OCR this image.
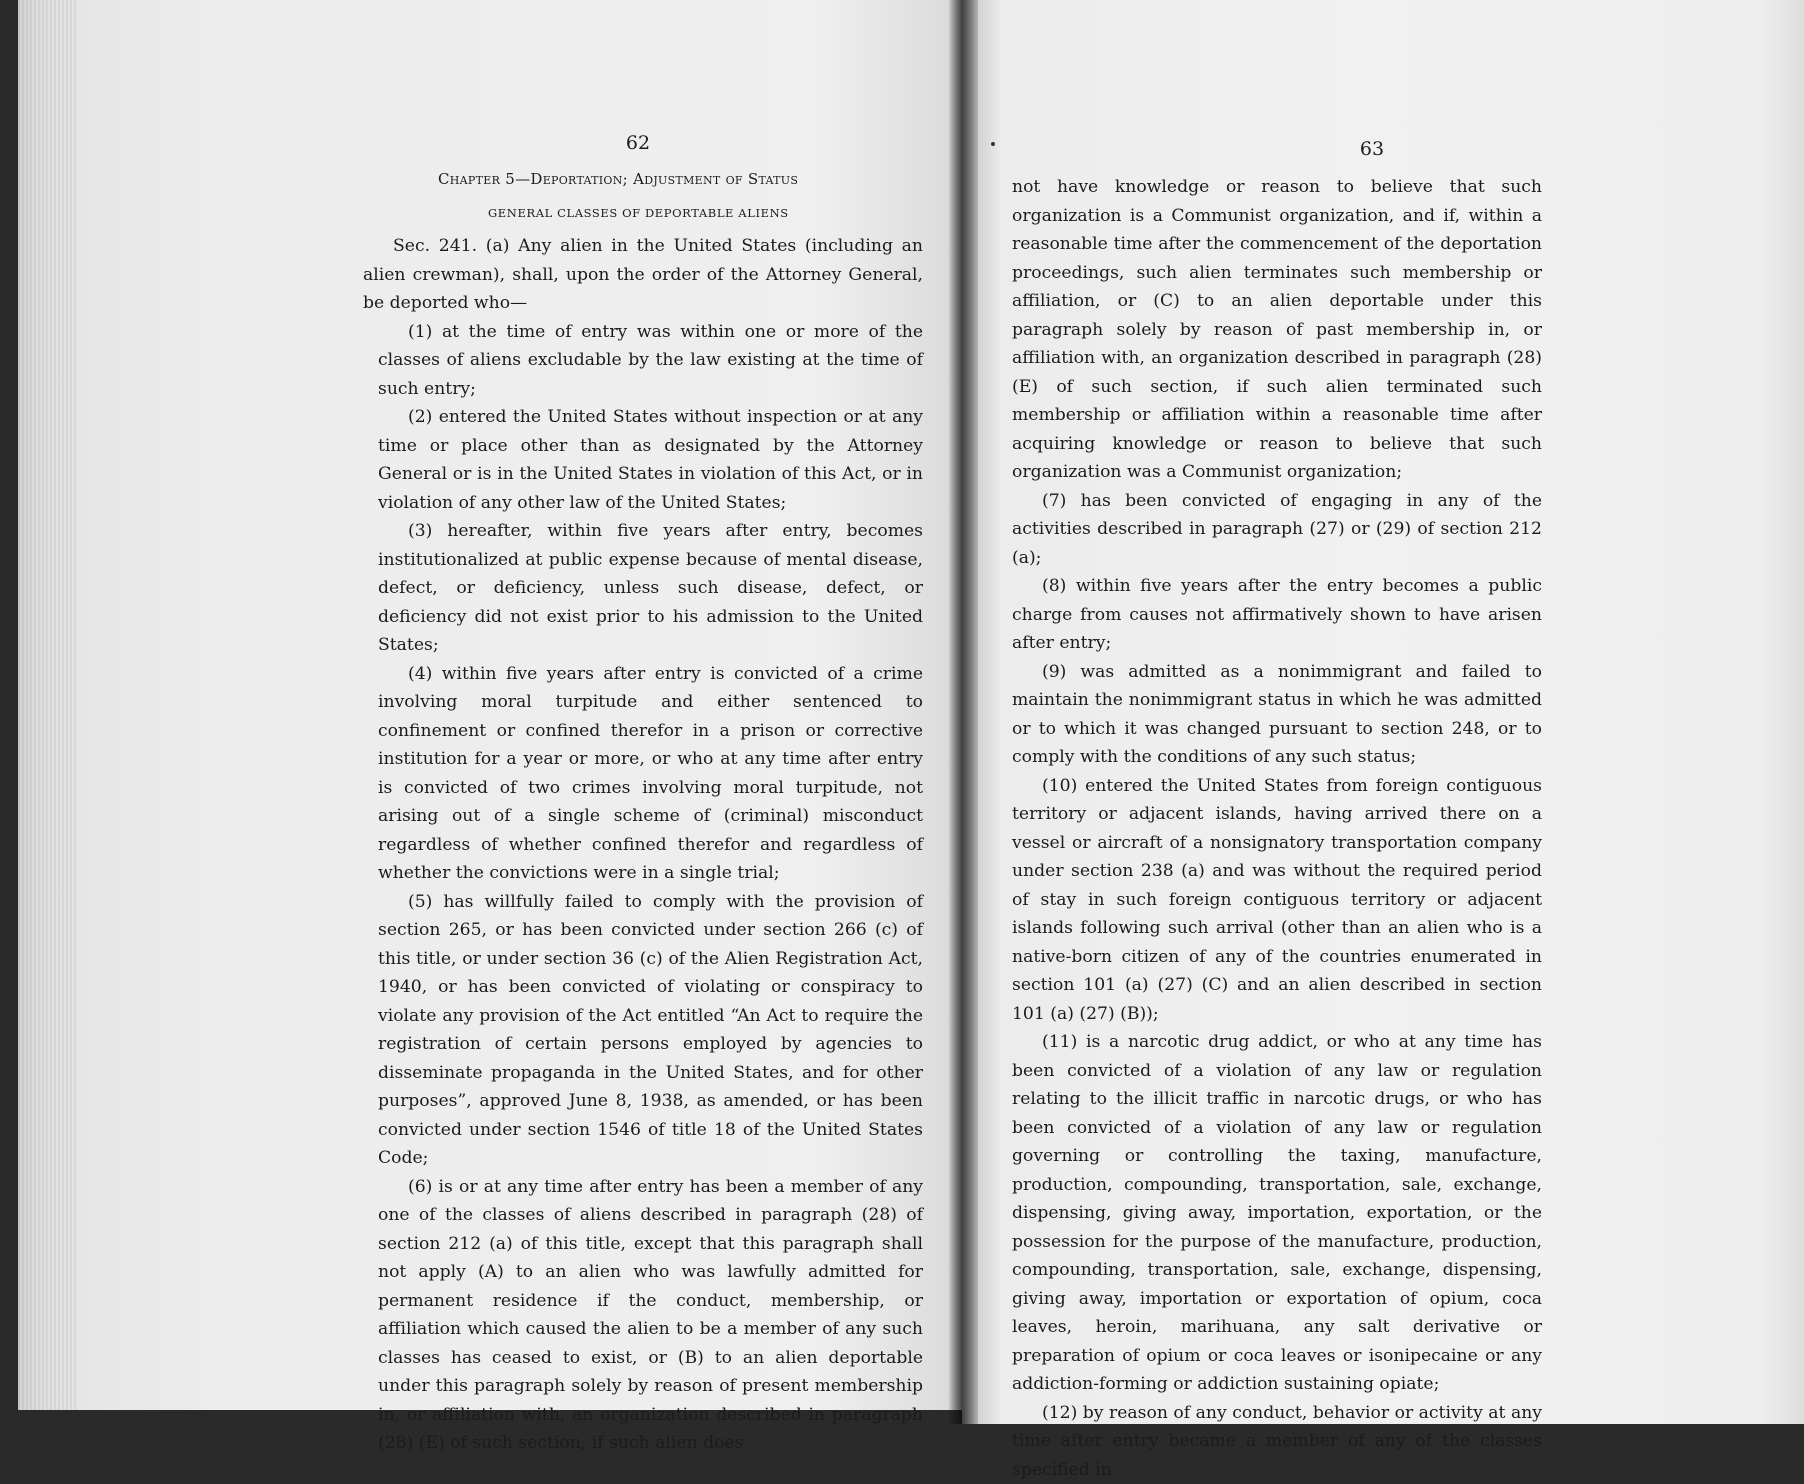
62
Chapter 5—Deportation; Adjustment of Status
GENERAL CLASSES OF DEPORTABLE ALIENS

Sec. 241. (a) Any alien in the United States (including an alien crewman), shall, upon the order of the Attorney General, be deported who—

(1) at the time of entry was within one or more of the classes of aliens excludable by the law existing at the time of such entry;

(2) entered the United States without inspection or at any time or place other than as designated by the Attorney General or is in the United States in violation of this Act, or in violation of any other law of the United States;

(3) hereafter, within five years after entry, becomes institutionalized at public expense because of mental disease, defect, or deficiency, unless such disease, defect, or deficiency did not exist prior to his admission to the United States;

(4) within five years after entry is convicted of a crime involving moral turpitude and either sentenced to confinement or confined therefor in a prison or corrective institution for a year or more, or who at any time after entry is convicted of two crimes involving moral turpitude, not arising out of a single scheme of (criminal) misconduct regardless of whether confined therefor and regardless of whether the convictions were in a single trial;

(5) has willfully failed to comply with the provision of section 265, or has been convicted under section 266 (c) of this title, or under section 36 (c) of the Alien Registration Act, 1940, or has been convicted of violating or conspiracy to violate any provision of the Act entitled “An Act to require the registration of certain persons employed by agencies to disseminate propaganda in the United States, and for other purposes”, approved June 8, 1938, as amended, or has been convicted under section 1546 of title 18 of the United States Code;

(6) is or at any time after entry has been a member of any one of the classes of aliens described in paragraph (28) of section 212 (a) of this title, except that this paragraph shall not apply (A) to an alien who was lawfully admitted for permanent residence if the conduct, membership, or affiliation which caused the alien to be a member of any such classes has ceased to exist, or (B) to an alien deportable under this paragraph solely by reason of present membership in, or affiliation with, an organization described in paragraph (28) (E) of such section, if such alien does

63

not have knowledge or reason to believe that such organization is a Communist organization, and if, within a reasonable time after the commencement of the deportation proceedings, such alien terminates such membership or affiliation, or (C) to an alien deportable under this paragraph solely by reason of past membership in, or affiliation with, an organization described in paragraph (28) (E) of such section, if such alien terminated such membership or affiliation within a reasonable time after acquiring knowledge or reason to believe that such organization was a Communist organization;

(7) has been convicted of engaging in any of the activities described in paragraph (27) or (29) of section 212 (a);

(8) within five years after the entry becomes a public charge from causes not affirmatively shown to have arisen after entry;

(9) was admitted as a nonimmigrant and failed to maintain the nonimmigrant status in which he was admitted or to which it was changed pursuant to section 248, or to comply with the conditions of any such status;

(10) entered the United States from foreign contiguous territory or adjacent islands, having arrived there on a vessel or aircraft of a nonsignatory transportation company under section 238 (a) and was without the required period of stay in such foreign contiguous territory or adjacent islands following such arrival (other than an alien who is a native-born citizen of any of the countries enumerated in section 101 (a) (27) (C) and an alien described in section 101 (a) (27) (B));

(11) is a narcotic drug addict, or who at any time has been convicted of a violation of any law or regulation relating to the illicit traffic in narcotic drugs, or who has been convicted of a violation of any law or regulation governing or controlling the taxing, manufacture, production, compounding, transportation, sale, exchange, dispensing, giving away, importation, exportation, or the possession for the purpose of the manufacture, production, compounding, transportation, sale, exchange, dispensing, giving away, importation or exportation of opium, coca leaves, heroin, marihuana, any salt derivative or preparation of opium or coca leaves or isonipecaine or any addiction-forming or addiction sustaining opiate;

(12) by reason of any conduct, behavior or activity at any time after entry became a member of any of the classes specified in
